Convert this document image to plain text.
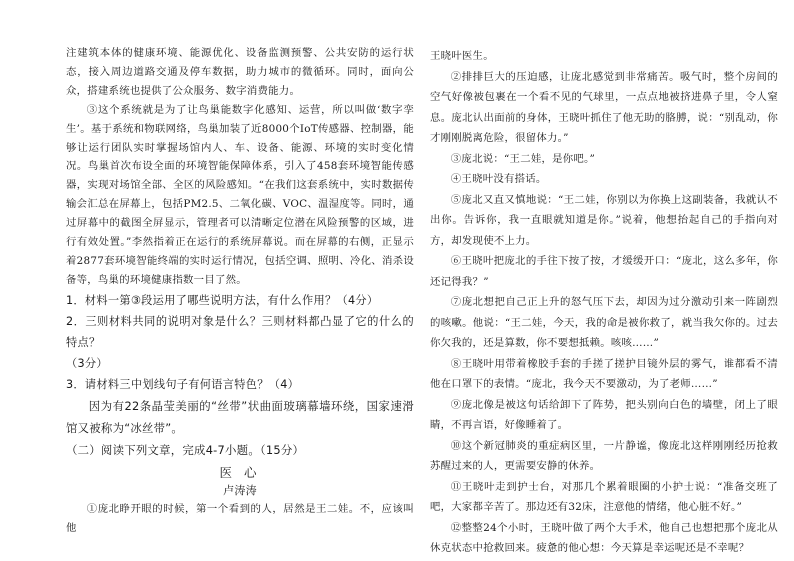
注建筑本体的健康环境、能源优化、设备监测预警、公共安防的运行状态，接入周边道路交通及停车数据，助力城市的微循环。同时，面向公众，搭建系统也提供了公众服务、数字消费能力。

③这个系统就是为了让鸟巢能数字化感知、运营，所以叫做‘数字孪生’。基于系统和物联网络，鸟巢加装了近8000个IoT传感器、控制器，能够让运行团队实时掌握场馆内人、车、设备、能源、环境的实时变化情况。鸟巢首次布设全面的环境智能保障体系，引入了458套环境智能传感器，实现对场馆全部、全区的风险感知。“在我们这套系统中，实时数据传输会汇总在屏幕上，包括PM2.5、二氧化碳、VOC、温湿度等。同时，通过屏幕中的截图全屏显示，管理者可以清晰定位潜在风险预警的区域，进行有效处置。”李然指着正在运行的系统屏幕说。而在屏幕的右侧，正显示着2877套环境智能终端的实时运行情况，包括空调、照明、冷化、消杀设备等，鸟巢的环境健康指数一目了然。

1．材料一第③段运用了哪些说明方法，有什么作用？（4分）

2．三则材料共同的说明对象是什么？三则材料都凸显了它的什么的特点？

（3分）

3．请材料三中划线句子有何语言特色？（4）

因为有22条晶莹美丽的“丝带”状曲面玻璃幕墙环绕，国家速滑馆又被称为“冰丝带”。

（二）阅读下列文章，完成4-7小题。（15分）

医 心

卢涛涛

①庞北睁开眼的时候，第一个看到的人，居然是王二娃。不，应该叫他

王晓叶医生。

②排排巨大的压迫感，让庞北感觉到非常痛苦。吸气时，整个房间的空气好像被包裹在一个看不见的气球里，一点点地被挤进鼻子里，令人窒息。庞北认出面前的身体，王晓叶抓住了他无助的胳膊，说：“别乱动，你才刚刚脱离危险，很留体力。”

③庞北说：“王二娃，是你吧。”

④王晓叶没有搭话。

⑤庞北又直又慎地说：“王二娃，你别以为你换上这副装备，我就认不出你。告诉你，我一直眼就知道是你。”说着，他想抬起自己的手指向对方，却发现使不上力。

⑥王晓叶把庞北的手往下按了按，才缓缓开口：“庞北，这么多年，你还记得我？”

⑦庞北想把自己正上升的怒气压下去，却因为过分激动引来一阵剧烈的咳嗽。他说：“王二娃，今天，我的命是被你救了，就当我欠你的。过去你欠我的，还是算数，你不要想抵赖。咳咳……”

⑧王晓叶用带着橡胶手套的手搓了搓护目镜外层的雾气，谁都看不清他在口罩下的表情。“庞北，我今天不要激动，为了老师……”

⑨庞北像是被这句话给卸下了阵势，把头别向白色的墙壁，闭上了眼睛，不再言语，好像睡着了。

⑩这个新冠肺炎的重症病区里，一片静谧，像庞北这样刚刚经历抢救苏醒过来的人，更需要安静的休养。

⑪王晓叶走到护士台，对那几个累着眼圈的小护士说：“准备交班了吧，大家都辛苦了。那边还有32床，注意他的情绪，他心脏不好。”

⑫整整24个小时，王晓叶做了两个大手术，他自己也想把那个庞北从休克状态中抢救回来。疲惫的他心想：今天算是幸运呢还是不幸呢？
